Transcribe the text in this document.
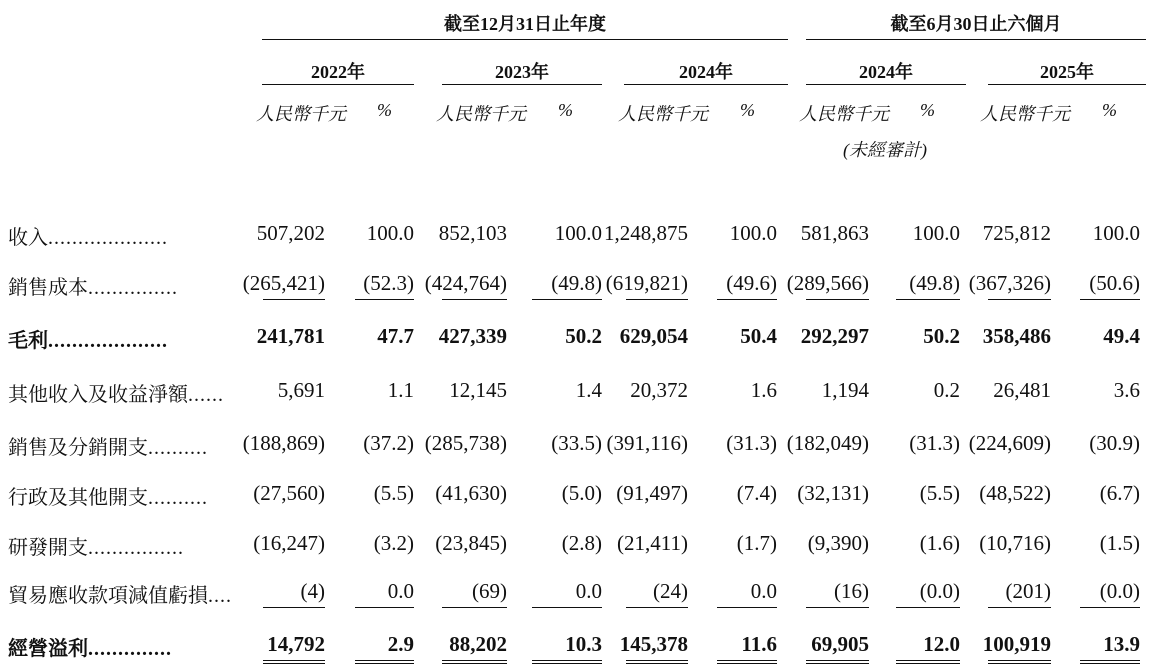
截至12月31日止年度	截至6月30日止六個月
2022年	2023年	2024年	2024年	2025年
人民幣千元 % 人民幣千元 %	人民幣千元 % 人民幣千元 %	人民幣千元 %
(未經審計)
收入....................	507,202 100.0 852,103 100.0 1,248,875 100.0 581,863 100.0 725,812 100.0
銷售成本...............	(265,421) (52.3) (424,764) (49.8) (619,821) (49.6) (289,566) (49.8) (367,326) (50.6)
毛利....................	241,781 47.7 427,339	50.2 629,054 50.4 292,297	50.2 358,486 49.4
其他收入及收益淨額......	5,691	1.1 12,145	1.4 20,372	1.6 1,194	0.2 26,481	3.6
銷售及分銷開支.......... (188,869) (37.2) (285,738) (33.5) (391,116) (31.3) (182,049) (31.3) (224,609) (30.9)
行政及其他開支.......... (27,560) (5.5) (41,630)	(5.0) (91,497) (7.4) (32,131) (5.5) (48,522) (6.7)
研發開支................	(16,247) (3.2) (23,845)	(2.8) (21,411) (1.7) (9,390) (1.6) (10,716) (1.5)
貿易應收款項減值虧損....	(4)	0.0	(69)	0.0 (24)	0.0	(16) (0.0) (201) (0.0)
經營溢利..............	14,792	2.9 88,202	10.3 145,378	11.6 69,905	12.0 100,919 13.9
